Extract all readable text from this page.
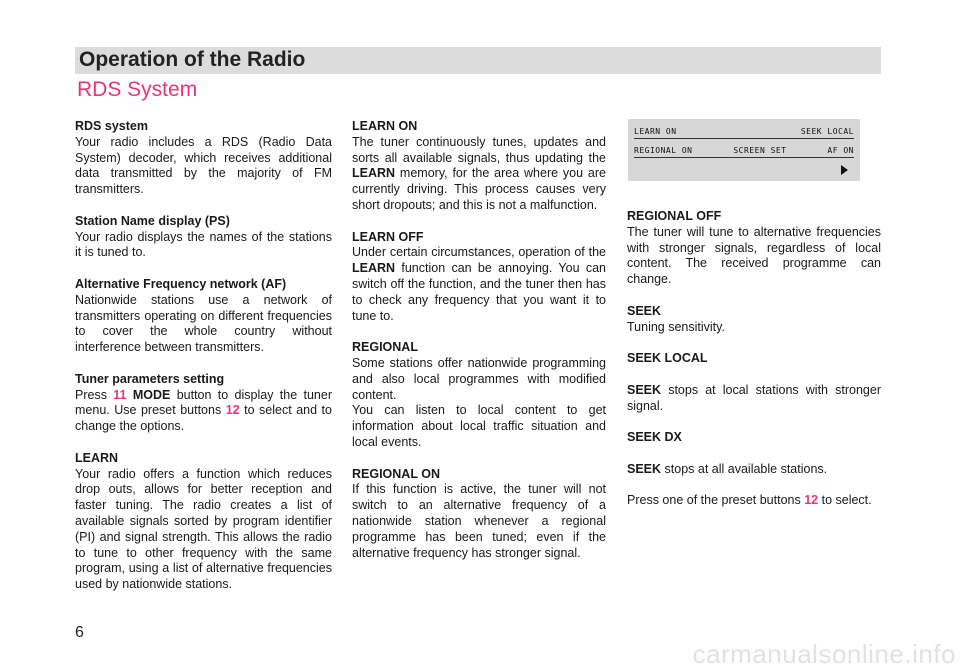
Operation of the Radio
RDS System

RDS system

Your radio includes a RDS (Radio Data System) decoder, which receives additional data transmitted by the majority of FM transmitters.

Station Name display (PS)

Your radio displays the names of the stations it is tuned to.

Alternative Frequency network (AF)

Nationwide stations use a network of transmitters operating on different frequencies to cover the whole country without interference between transmitters.

Tuner parameters setting

Press 11 MODE button to display the tuner menu. Use preset buttons 12 to select and to change the options.

LEARN

Your radio offers a function which reduces drop outs, allows for better reception and faster tuning. The radio creates a list of available signals sorted by program identifier (PI) and signal strength. This allows the radio to tune to other frequency with the same program, using a list of alternative frequencies used by nationwide stations.

LEARN ON

The tuner continuously tunes, updates and sorts all available signals, thus updating the LEARN memory, for the area where you are currently driving. This process causes very short dropouts; and this is not a malfunction.

LEARN OFF

Under certain circumstances, operation of the LEARN function can be annoying. You can switch off the function, and the tuner then has to check any frequency that you want it to tune to.

REGIONAL

Some stations offer nationwide programming and also local programmes with modified content.

You can listen to local content to get information about local traffic situation and local events.

REGIONAL ON

If this function is active, the tuner will not switch to an alternative frequency of a nationwide station whenever a regional programme has been tuned; even if the alternative frequency has stronger signal.

LEARN ON	SEEK LOCAL
REGIONAL ON	SCREEN SET	AF ON

REGIONAL OFF

The tuner will tune to alternative frequencies with stronger signals, regardless of local content. The received programme can change.

SEEK

Tuning sensitivity.

SEEK LOCAL

SEEK stops at local stations with stronger signal.

SEEK DX

SEEK stops at all available stations.

Press one of the preset buttons 12 to select.

6
carmanualsonline.info
